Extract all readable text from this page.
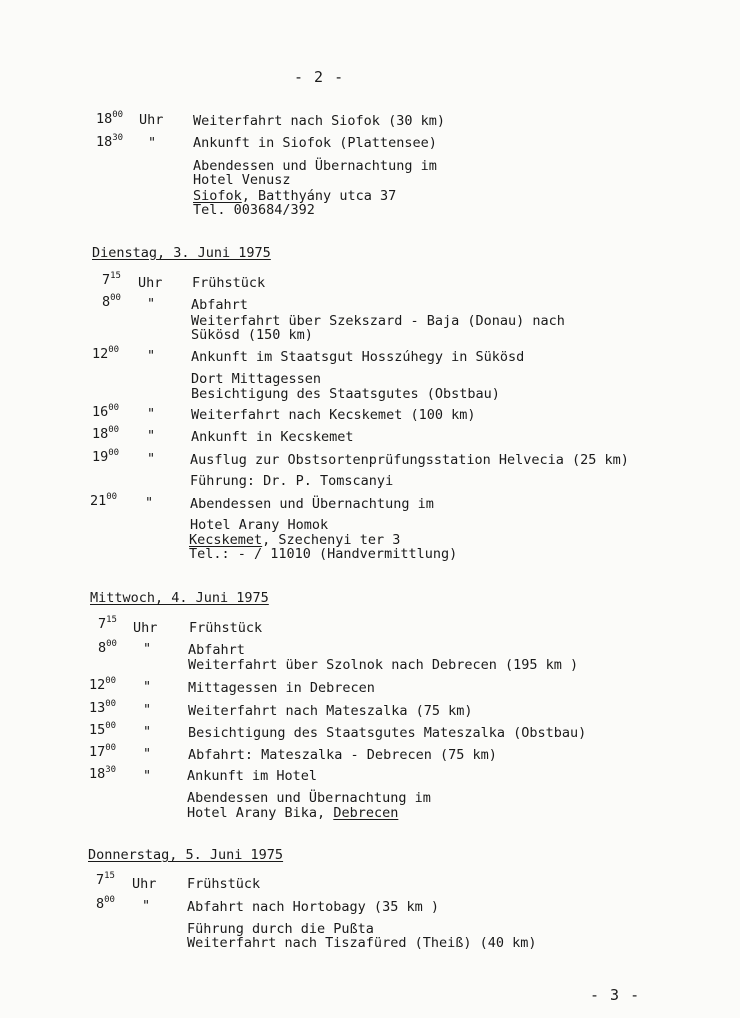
- 2 -
$18^{00}$ Uhr Weiterfahrt nach Siofok (30 km)
$18^{30}$ "	Ankunft in Siofok (Plattensee)
Abendessen und Übernachtung im
Hotel Venusz
Siofok, Batthyány utca 37
Tel. 003684/392
Dienstag, 3. Juni 1975
$7^{15}$ Uhr Frühstück
$8^{00}$ "	Abfahrt
Weiterfahrt über Szekszard - Baja (Donau) nach
Sükösd (150 km)
$12^{00}$ "	Ankunft im Staatsgut Hosszúhegy in Sükösd
Dort Mittagessen
Besichtigung des Staatsgutes (Obstbau)
$16^{00}$ "	Weiterfahrt nach Kecskemet (100 km)
$18^{00}$ "	Ankunft in Kecskemet
$19^{00}$ "	Ausflug zur Obstsortenprüfungsstation Helvecia (25 km)
Führung: Dr. P. Tomscanyi
$21^{00}$ "	Abendessen und Übernachtung im
Hotel Arany Homok
Kecskemet, Szechenyi ter 3
Tel.: - / 11010 (Handvermittlung)
Mittwoch, 4. Juni 1975
$7^{15}$ Uhr Frühstück
$8^{00}$ "	Abfahrt
Weiterfahrt über Szolnok nach Debrecen (195 km )
$12^{00}$ "	Mittagessen in Debrecen
$13^{00}$ "	Weiterfahrt nach Mateszalka (75 km)
$15^{00}$ "	Besichtigung des Staatsgutes Mateszalka (Obstbau)
$17^{00}$ "	Abfahrt: Mateszalka - Debrecen (75 km)
$18^{30}$ "	Ankunft im Hotel
Abendessen und Übernachtung im
Hotel Arany Bika, Debrecen
Donnerstag, 5. Juni 1975
$7^{15}$ Uhr Frühstück
$8^{00}$ "	Abfahrt nach Hortobagy (35 km )
Führung durch die Pußta
Weiterfahrt nach Tiszafüred (Theiß) (40 km)
- 3 -
